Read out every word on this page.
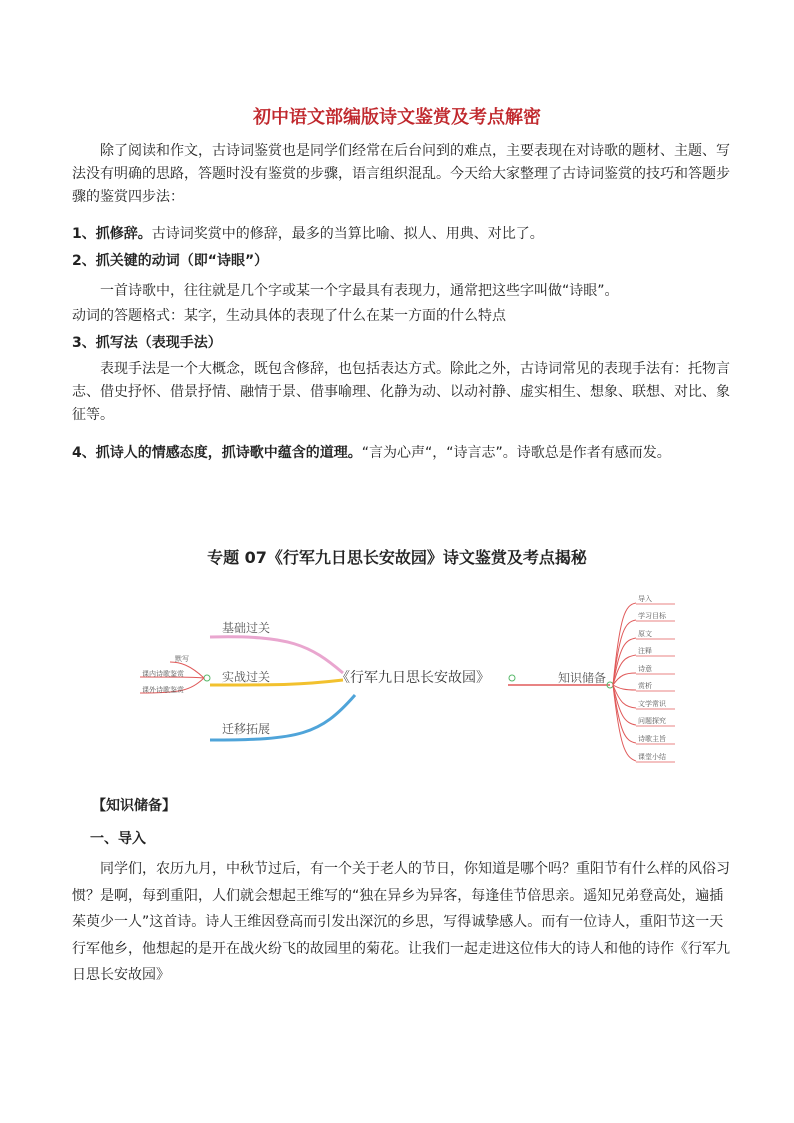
初中语文部编版诗文鉴赏及考点解密

除了阅读和作文，古诗词鉴赏也是同学们经常在后台问到的难点，主要表现在对诗歌的题材、主题、写法没有明确的思路，答题时没有鉴赏的步骤，语言组织混乱。今天给大家整理了古诗词鉴赏的技巧和答题步骤的鉴赏四步法：

1、抓修辞。古诗词奖赏中的修辞，最多的当算比喻、拟人、用典、对比了。

2、抓关键的动词（即“诗眼”）

一首诗歌中，往往就是几个字或某一个字最具有表现力，通常把这些字叫做“诗眼”。

动词的答题格式：某字，生动具体的表现了什么在某一方面的什么特点

3、抓写法（表现手法）

表现手法是一个大概念，既包含修辞，也包括表达方式。除此之外，古诗词常见的表现手法有：托物言志、借史抒怀、借景抒情、融情于景、借事喻理、化静为动、以动衬静、虚实相生、想象、联想、对比、象征等。

4、抓诗人的情感态度，抓诗歌中蕴含的道理。“言为心声“，“诗言志”。诗歌总是作者有感而发。

专题 07《行军九日思长安故园》诗文鉴赏及考点揭秘
《行军九日思长安故园》
基础过关
实战过关
迁移拓展
默写
课内诗歌鉴赏
课外诗歌鉴赏
知识储备
导入
学习目标
原文
注释
诗意
赏析
文学常识
问题探究
诗歌主旨
课堂小结

【知识储备】

一、导入

同学们，农历九月，中秋节过后，有一个关于老人的节日，你知道是哪个吗？重阳节有什么样的风俗习惯？是啊，每到重阳，人们就会想起王维写的“独在异乡为异客，每逢佳节倍思亲。遥知兄弟登高处，遍插茱萸少一人”这首诗。诗人王维因登高而引发出深沉的乡思，写得诚挚感人。而有一位诗人，重阳节这一天行军他乡，他想起的是开在战火纷飞的故园里的菊花。让我们一起走进这位伟大的诗人和他的诗作《行军九日思长安故园》
